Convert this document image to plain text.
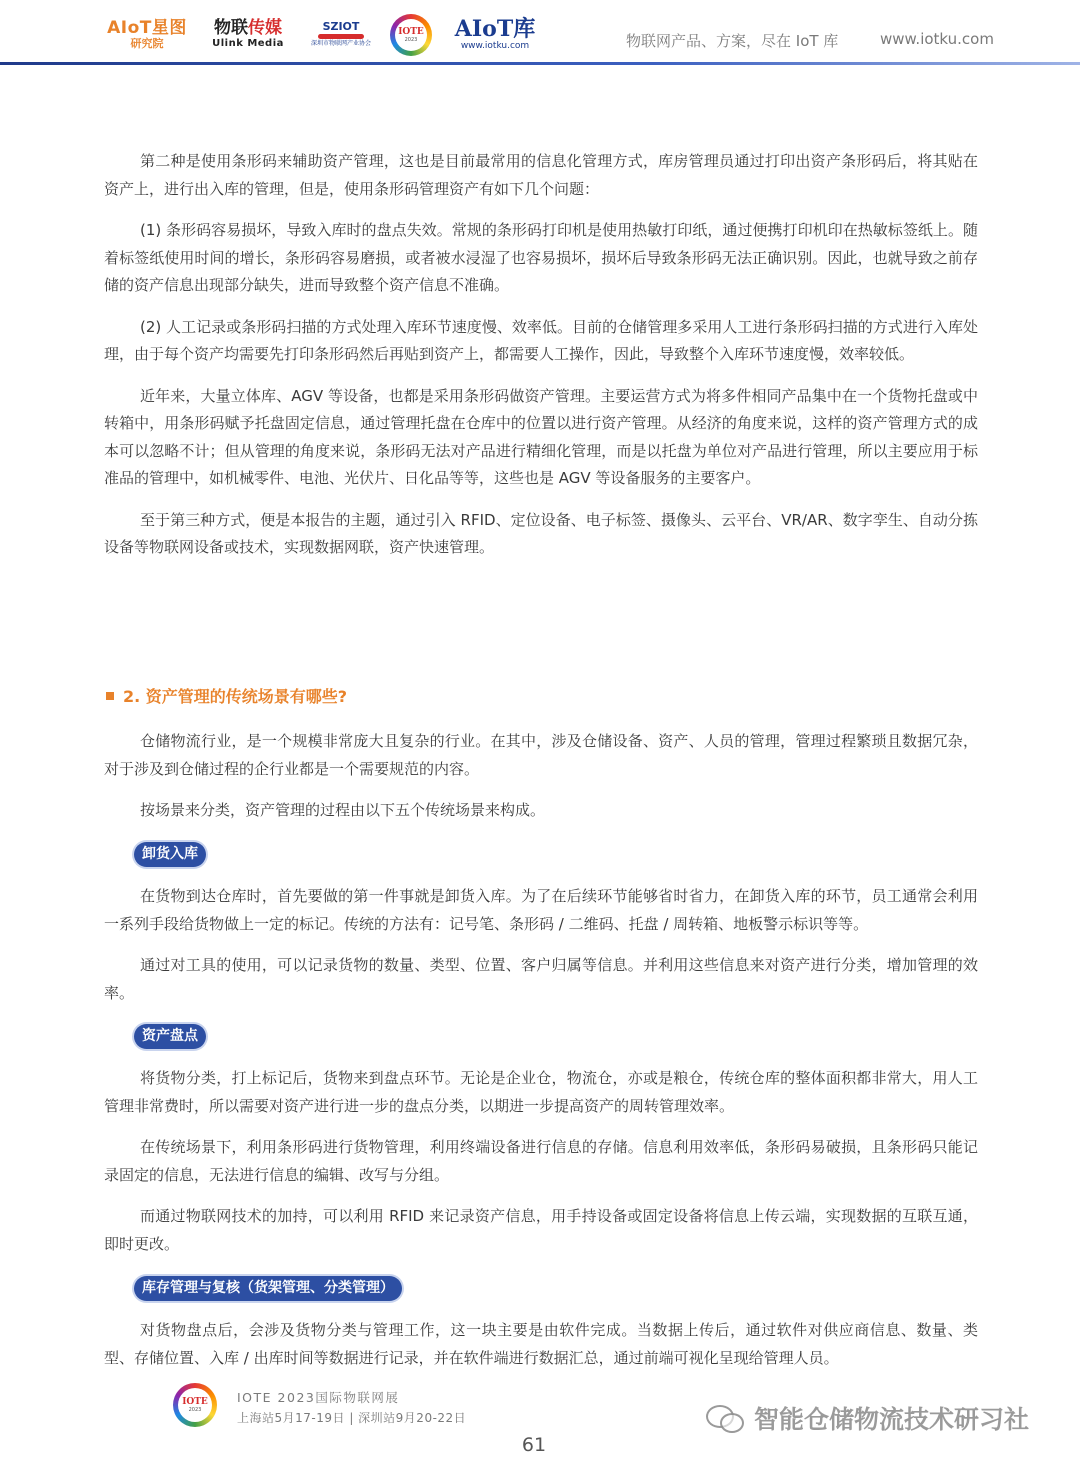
AIoT星图
研究院
物联传媒
Ulink Media
SZIOT
深圳市物联网产业协会
IOTE
2023 AIoT库
www.iotku.com	物联网产品、方案，尽在 IoT 库	www.iotku.com

第二种是使用条形码来辅助资产管理，这也是目前最常用的信息化管理方式，库房管理员通过打印出资产条形码后，将其贴在资产上，进行出入库的管理，但是，使用条形码管理资产有如下几个问题：

(1) 条形码容易损坏，导致入库时的盘点失效。常规的条形码打印机是使用热敏打印纸，通过便携打印机印在热敏标签纸上。随着标签纸使用时间的增长，条形码容易磨损，或者被水浸湿了也容易损坏，损坏后导致条形码无法正确识别。因此，也就导致之前存储的资产信息出现部分缺失，进而导致整个资产信息不准确。

(2) 人工记录或条形码扫描的方式处理入库环节速度慢、效率低。目前的仓储管理多采用人工进行条形码扫描的方式进行入库处理，由于每个资产均需要先打印条形码然后再贴到资产上，都需要人工操作，因此，导致整个入库环节速度慢，效率较低。

近年来，大量立体库、AGV 等设备，也都是采用条形码做资产管理。主要运营方式为将多件相同产品集中在一个货物托盘或中转箱中，用条形码赋予托盘固定信息，通过管理托盘在仓库中的位置以进行资产管理。从经济的角度来说，这样的资产管理方式的成本可以忽略不计；但从管理的角度来说，条形码无法对产品进行精细化管理，而是以托盘为单位对产品进行管理，所以主要应用于标准品的管理中，如机械零件、电池、光伏片、日化品等等，这些也是 AGV 等设备服务的主要客户。

至于第三种方式，便是本报告的主题，通过引入 RFID、定位设备、电子标签、摄像头、云平台、VR/AR、数字孪生、自动分拣设备等物联网设备或技术，实现数据网联，资产快速管理。

2. 资产管理的传统场景有哪些?

仓储物流行业，是一个规模非常庞大且复杂的行业。在其中，涉及仓储设备、资产、人员的管理，管理过程繁琐且数据冗杂，对于涉及到仓储过程的企行业都是一个需要规范的内容。

按场景来分类，资产管理的过程由以下五个传统场景来构成。

卸货入库

在货物到达仓库时，首先要做的第一件事就是卸货入库。为了在后续环节能够省时省力，在卸货入库的环节，员工通常会利用一系列手段给货物做上一定的标记。传统的方法有：记号笔、条形码 / 二维码、托盘 / 周转箱、地板警示标识等等。

通过对工具的使用，可以记录货物的数量、类型、位置、客户归属等信息。并利用这些信息来对资产进行分类，增加管理的效率。

资产盘点

将货物分类，打上标记后，货物来到盘点环节。无论是企业仓，物流仓，亦或是粮仓，传统仓库的整体面积都非常大，用人工管理非常费时，所以需要对资产进行进一步的盘点分类，以期进一步提高资产的周转管理效率。

在传统场景下，利用条形码进行货物管理，利用终端设备进行信息的存储。信息利用效率低，条形码易破损，且条形码只能记录固定的信息，无法进行信息的编辑、改写与分组。

而通过物联网技术的加持，可以利用 RFID 来记录资产信息，用手持设备或固定设备将信息上传云端，实现数据的互联互通，即时更改。

库存管理与复核（货架管理、分类管理）

对货物盘点后，会涉及货物分类与管理工作，这一块主要是由软件完成。当数据上传后，通过软件对供应商信息、数量、类型、存储位置、入库 / 出库时间等数据进行记录，并在软件端进行数据汇总，通过前端可视化呈现给管理人员。

IOTE
2023
IOTE 2023国际物联网展
上海站5月17-19日 | 深圳站9月20-22日
61
智能仓储物流技术研习社
